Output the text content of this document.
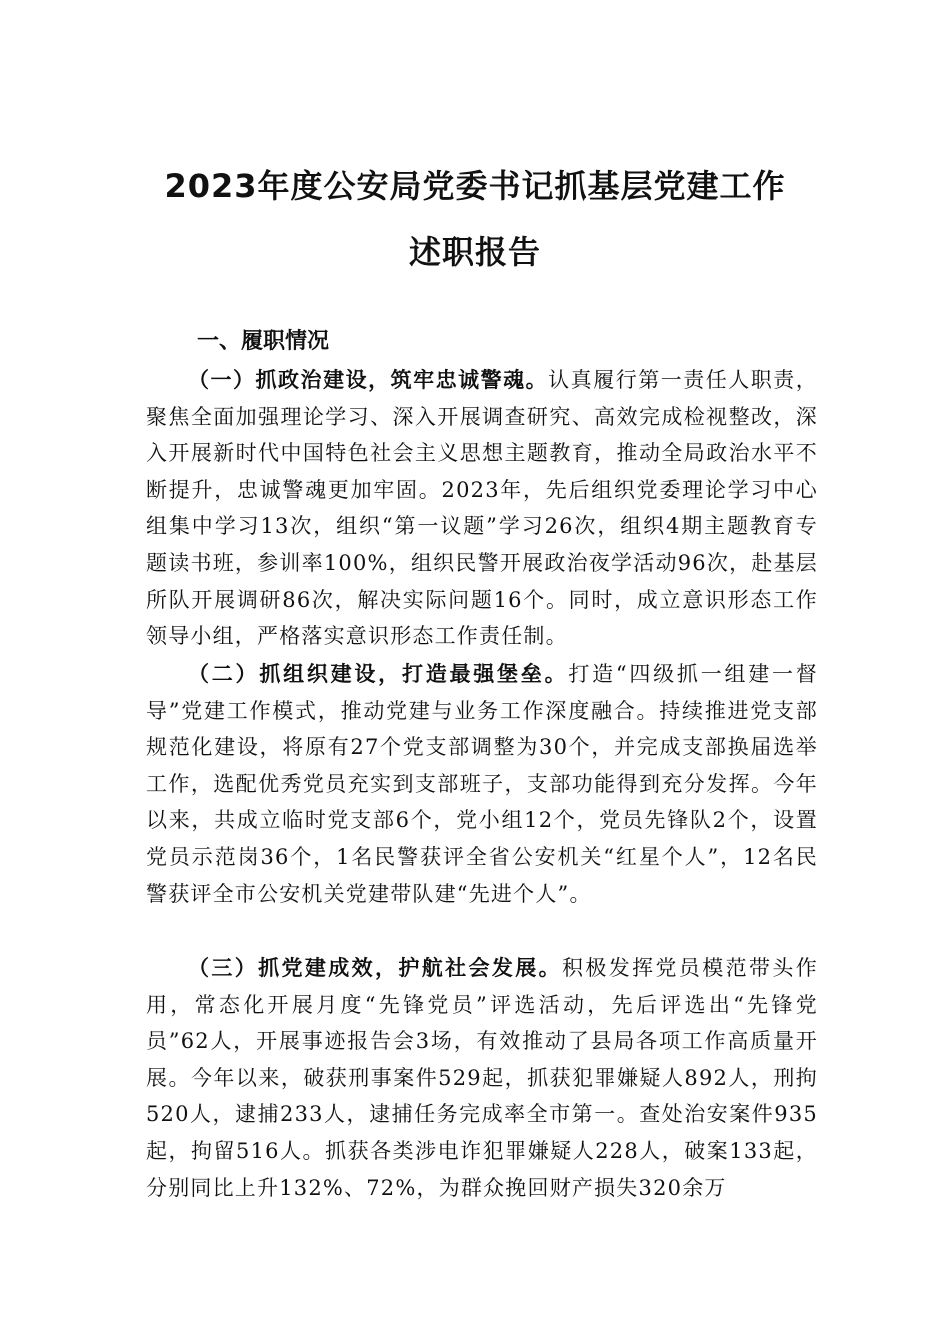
2023年度公安局党委书记抓基层党建工作
述职报告
一、履职情况

（一）抓政治建设，筑牢忠诚警魂。认真履行第一责任人职责，聚焦全面加强理论学习、深入开展调查研究、高效完成检视整改，深入开展新时代中国特色社会主义思想主题教育，推动全局政治水平不断提升，忠诚警魂更加牢固。2023年，先后组织党委理论学习中心组集中学习13次，组织“第一议题”学习26次，组织4期主题教育专题读书班，参训率100%，组织民警开展政治夜学活动96次，赴基层所队开展调研86次，解决实际问题16个。同时，成立意识形态工作领导小组，严格落实意识形态工作责任制。

（二）抓组织建设，打造最强堡垒。打造“四级抓一组建一督导”党建工作模式，推动党建与业务工作深度融合。持续推进党支部规范化建设，将原有27个党支部调整为30个，并完成支部换届选举工作，选配优秀党员充实到支部班子，支部功能得到充分发挥。今年以来，共成立临时党支部6个，党小组12个，党员先锋队2个，设置党员示范岗36个，1名民警获评全省公安机关“红星个人”，12名民警获评全市公安机关党建带队建“先进个人”。

（三）抓党建成效，护航社会发展。积极发挥党员模范带头作用，常态化开展月度“先锋党员”评选活动，先后评选出“先锋党员”62人，开展事迹报告会3场，有效推动了县局各项工作高质量开展。今年以来，破获刑事案件529起，抓获犯罪嫌疑人892人，刑拘520人，逮捕233人，逮捕任务完成率全市第一。查处治安案件935起，拘留516人。抓获各类涉电诈犯罪嫌疑人228人，破案133起，分别同比上升132%、72%，为群众挽回财产损失320余万
